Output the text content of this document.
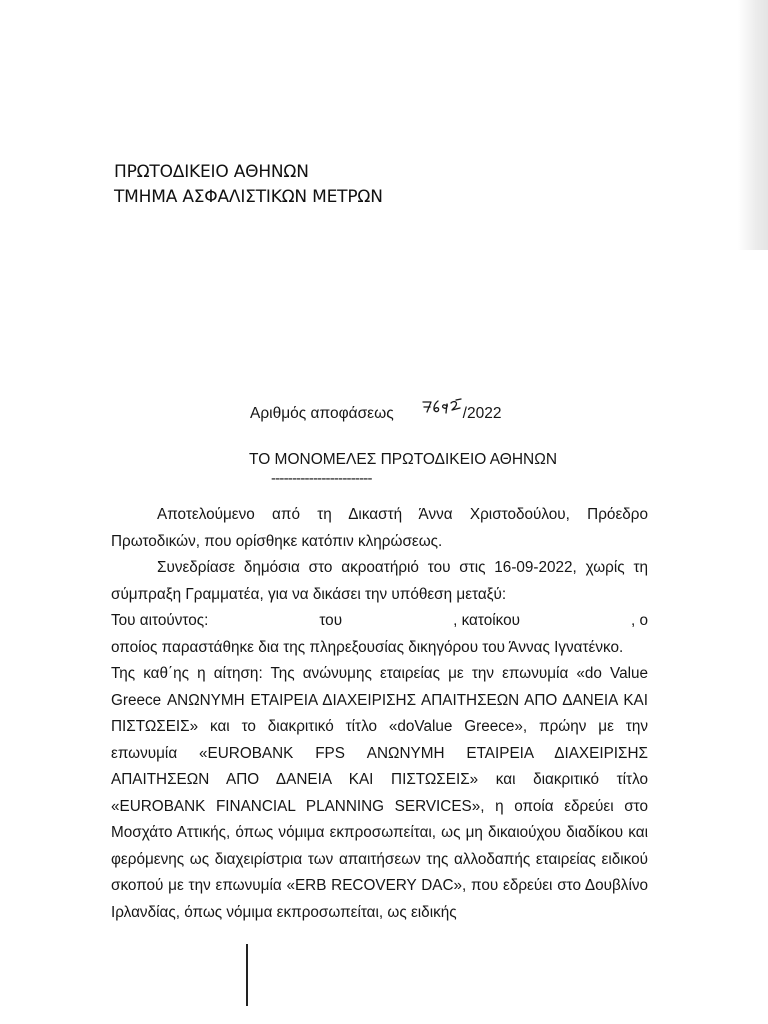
ΠΡΩΤΟΔΙΚΕΙΟ ΑΘΗΝΩΝ
ΤΜΗΜΑ ΑΣΦΑΛΙΣΤΙΚΩΝ ΜΕΤΡΩΝ
Αριθμός αποφάσεως	/2022
ΤΟ ΜΟΝΟΜΕΛΕΣ ΠΡΩΤΟΔΙΚΕΙΟ ΑΘΗΝΩΝ
------------------------

Αποτελούμενο από τη Δικαστή Άννα Χριστοδούλου, Πρόεδρο Πρωτοδικών, που ορίσθηκε κατόπιν κληρώσεως.

Συνεδρίασε δημόσια στο ακροατήριό του στις 16-09-2022, χωρίς τη σύμπραξη Γραμματέα, για να δικάσει την υπόθεση μεταξύ:

Του αιτούντος:	του	, κατοίκου	, ο

οποίος παραστάθηκε δια της πληρεξουσίας δικηγόρου του Άννας Ιγνατένκο.

Της καθ΄ης η αίτηση: Της ανώνυμης εταιρείας με την επωνυμία «do Value Greece ΑΝΩΝΥΜΗ ΕΤΑΙΡΕΙΑ ΔΙΑΧΕΙΡΙΣΗΣ ΑΠΑΙΤΗΣΕΩΝ ΑΠΟ ΔΑΝΕΙΑ ΚΑΙ ΠΙΣΤΩΣΕΙΣ» και το διακριτικό τίτλο «doValue Greece», πρώην με την επωνυμία «EUROBANK FPS ΑΝΩΝΥΜΗ ΕΤΑΙΡΕΙΑ ΔΙΑΧΕΙΡΙΣΗΣ ΑΠΑΙΤΗΣΕΩΝ ΑΠΟ ΔΑΝΕΙΑ ΚΑΙ ΠΙΣΤΩΣΕΙΣ» και διακριτικό τίτλο «EUROBANK FINANCIAL PLANNING SERVICES», η οποία εδρεύει στο Μοσχάτο Αττικής, όπως νόμιμα εκπροσωπείται, ως μη δικαιούχου διαδίκου και φερόμενης ως διαχειρίστρια των απαιτήσεων της αλλοδαπής εταιρείας ειδικού σκοπού με την επωνυμία «ERB RECOVERY DAC», που εδρεύει στο Δουβλίνο Ιρλανδίας, όπως νόμιμα εκπροσωπείται, ως ειδικής
